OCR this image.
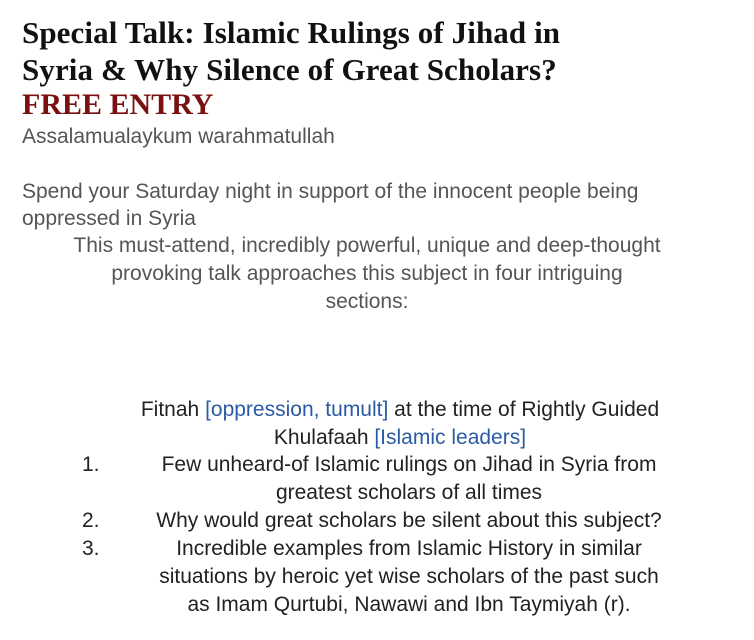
Special Talk: Islamic Rulings of Jihad in
Syria & Why Silence of Great Scholars?
FREE ENTRY
Assalamualaykum warahmatullah
Spend your Saturday night in support of the innocent people being oppressed in Syria
This must-attend, incredibly powerful, unique and deep-thought
provoking talk approaches this subject in four intriguing
sections:

Fitnah [oppression, tumult] at the time of Rightly Guided
Khulafaah [Islamic leaders]

1.	Few unheard-of Islamic rulings on Jihad in Syria from
greatest scholars of all times
2.	Why would great scholars be silent about this subject?
3.	Incredible examples from Islamic History in similar
situations by heroic yet wise scholars of the past such
as Imam Qurtubi, Nawawi and Ibn Taymiyah (r).
